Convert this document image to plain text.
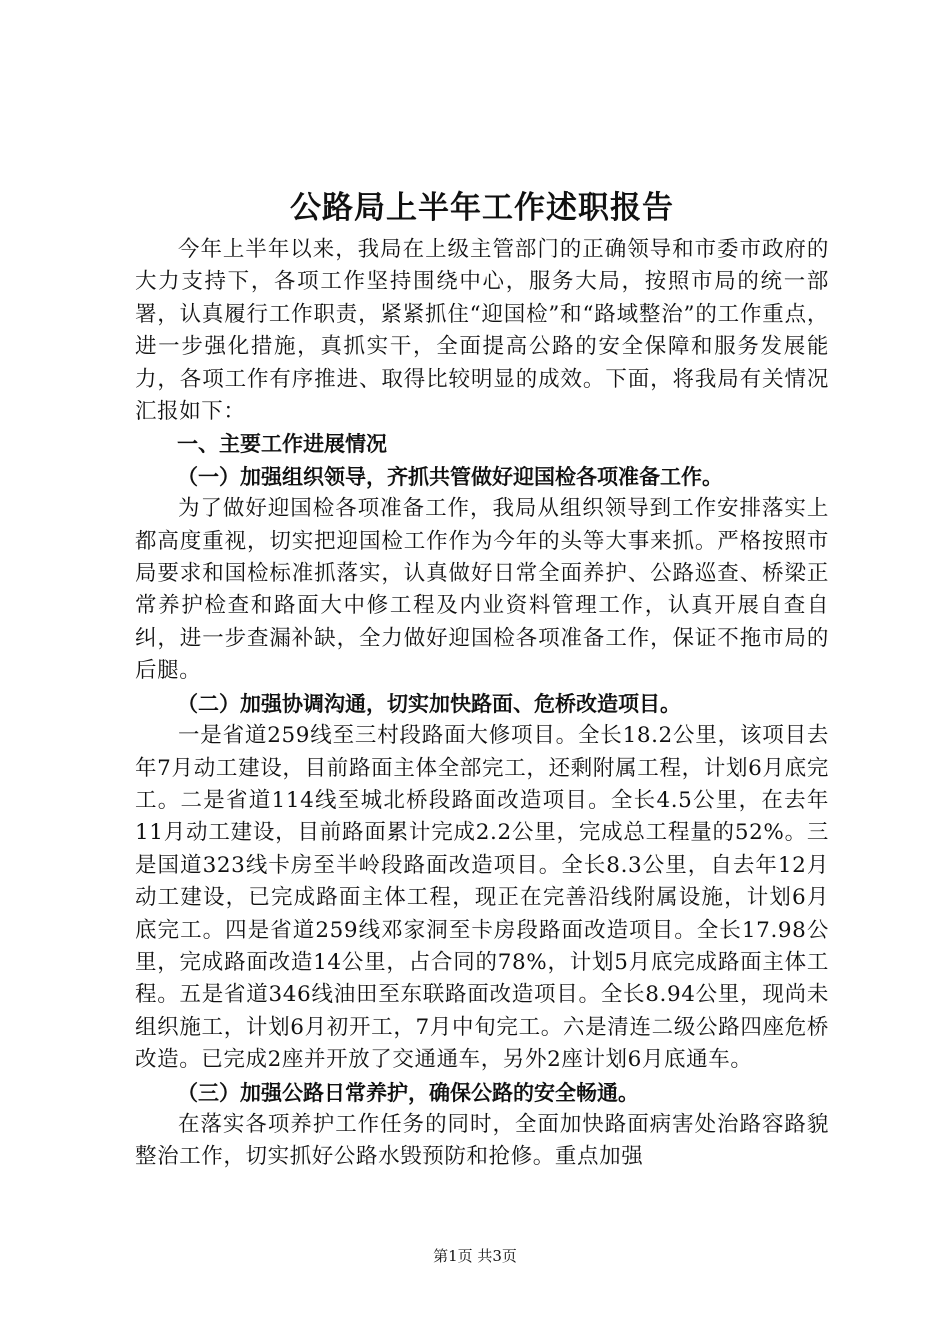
公路局上半年工作述职报告

今年上半年以来，我局在上级主管部门的正确领导和市委市政府的大力支持下，各项工作坚持围绕中心，服务大局，按照市局的统一部署，认真履行工作职责，紧紧抓住“迎国检”和“路域整治”的工作重点，进一步强化措施，真抓实干，全面提高公路的安全保障和服务发展能力，各项工作有序推进、取得比较明显的成效。下面，将我局有关情况汇报如下：

一、主要工作进展情况

（一）加强组织领导，齐抓共管做好迎国检各项准备工作。

为了做好迎国检各项准备工作，我局从组织领导到工作安排落实上都高度重视，切实把迎国检工作作为今年的头等大事来抓。严格按照市局要求和国检标准抓落实，认真做好日常全面养护、公路巡查、桥梁正常养护检查和路面大中修工程及内业资料管理工作，认真开展自查自纠，进一步查漏补缺，全力做好迎国检各项准备工作，保证不拖市局的后腿。

（二）加强协调沟通，切实加快路面、危桥改造项目。

一是省道259线至三村段路面大修项目。全长18.2公里，该项目去年7月动工建设，目前路面主体全部完工，还剩附属工程，计划6月底完工。二是省道114线至城北桥段路面改造项目。全长4.5公里，在去年11月动工建设，目前路面累计完成2.2公里，完成总工程量的52%。三是国道323线卡房至半岭段路面改造项目。全长8.3公里，自去年12月动工建设，已完成路面主体工程，现正在完善沿线附属设施，计划6月底完工。四是省道259线邓家洞至卡房段路面改造项目。全长17.98公里，完成路面改造14公里，占合同的78%，计划5月底完成路面主体工程。五是省道346线油田至东联路面改造项目。全长8.94公里，现尚未组织施工，计划6月初开工，7月中旬完工。六是清连二级公路四座危桥改造。已完成2座并开放了交通通车，另外2座计划6月底通车。

（三）加强公路日常养护，确保公路的安全畅通。

在落实各项养护工作任务的同时，全面加快路面病害处治路容路貌整治工作，切实抓好公路水毁预防和抢修。重点加强

第1页 共3页
